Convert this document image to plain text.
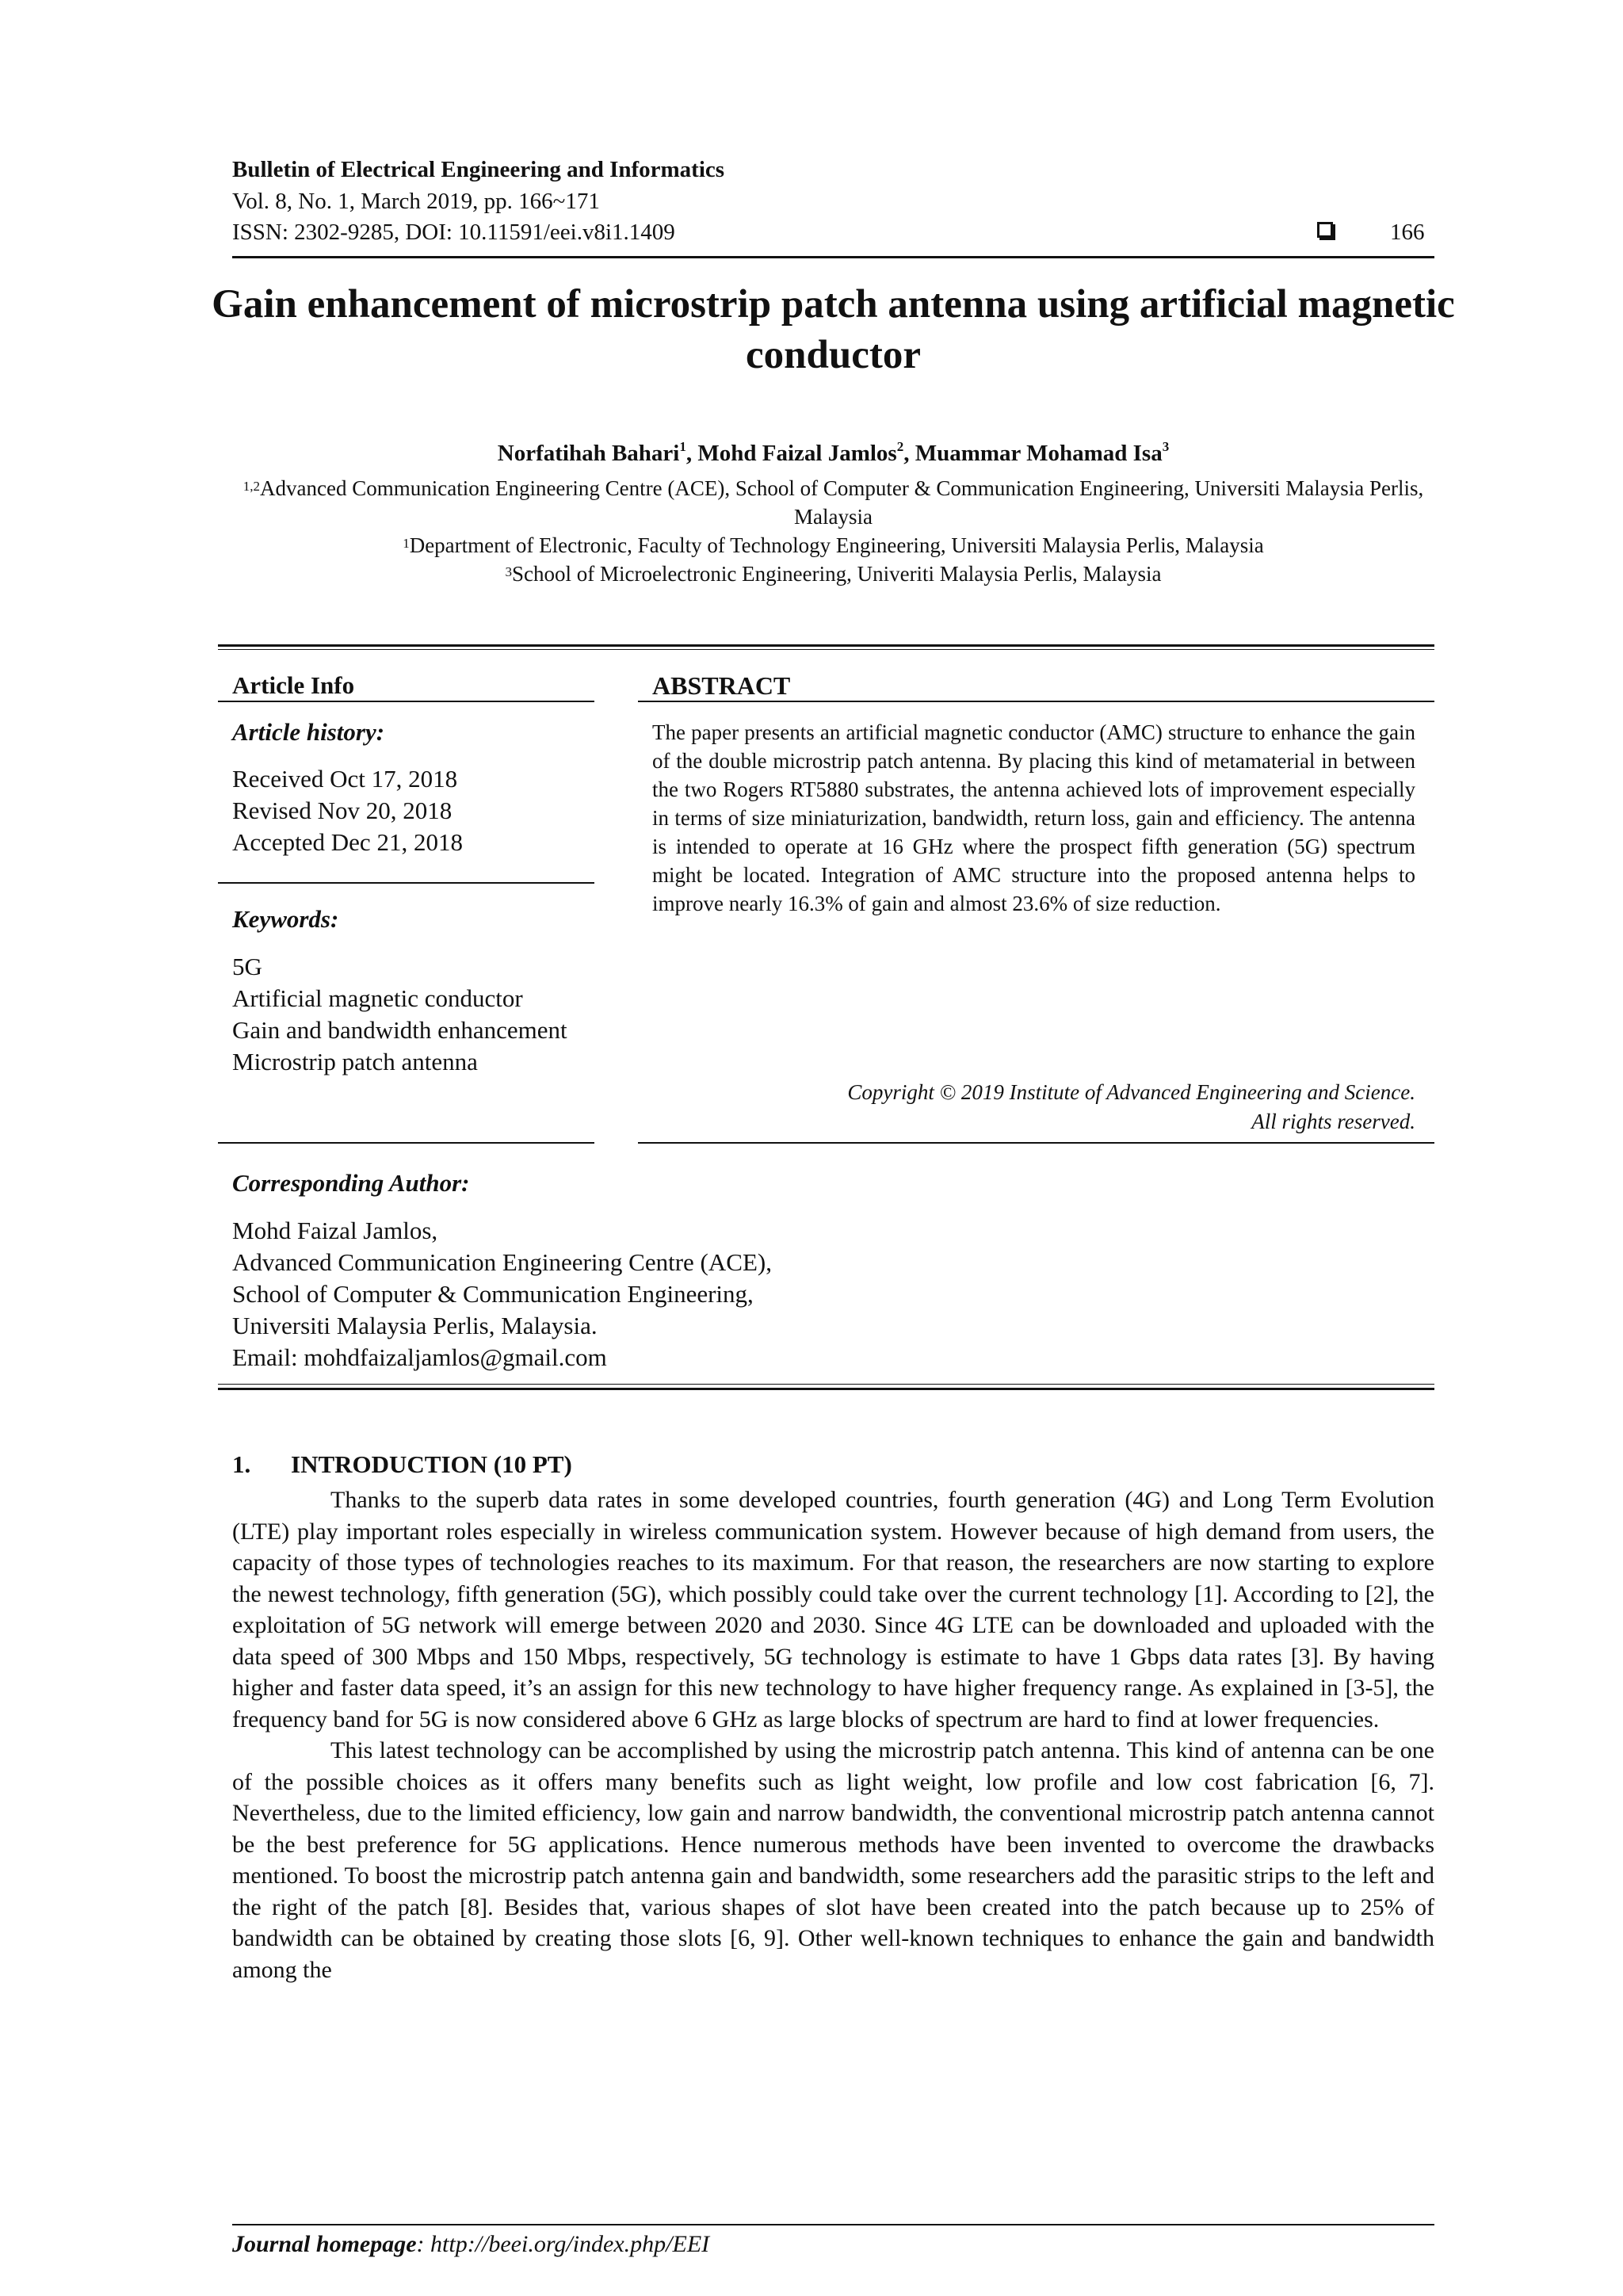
Bulletin of Electrical Engineering and Informatics
Vol. 8, No. 1, March 2019, pp. 166~171
ISSN: 2302-9285, DOI: 10.11591/eei.v8i1.1409	166
Gain enhancement of microstrip patch antenna using artificial magnetic conductor
Norfatihah Bahari$^1$, Mohd Faizal Jamlos$^2$, Muammar Mohamad Isa$^3$
$^{1,2}$Advanced Communication Engineering Centre (ACE), School of Computer & Communication Engineering, Universiti Malaysia Perlis, Malaysia
$^1$Department of Electronic, Faculty of Technology Engineering, Universiti Malaysia Perlis, Malaysia
$^3$School of Microelectronic Engineering, Univeriti Malaysia Perlis, Malaysia
Article Info
Article history:
Received Oct 17, 2018
Revised Nov 20, 2018
Accepted Dec 21, 2018
Keywords:
5G
Artificial magnetic conductor
Gain and bandwidth enhancement
Microstrip patch antenna
ABSTRACT
The paper presents an artificial magnetic conductor (AMC) structure to enhance the gain of the double microstrip patch antenna. By placing this kind of metamaterial in between the two Rogers RT5880 substrates, the antenna achieved lots of improvement especially in terms of size miniaturization, bandwidth, return loss, gain and efficiency. The antenna is intended to operate at 16 GHz where the prospect fifth generation (5G) spectrum might be located. Integration of AMC structure into the proposed antenna helps to improve nearly 16.3% of gain and almost 23.6% of size reduction.
Copyright © 2019 Institute of Advanced Engineering and Science.
All rights reserved.
Corresponding Author:
Mohd Faizal Jamlos,
Advanced Communication Engineering Centre (ACE),
School of Computer & Communication Engineering,
Universiti Malaysia Perlis, Malaysia.
Email: mohdfaizaljamlos@gmail.com
1. INTRODUCTION (10 PT)

Thanks to the superb data rates in some developed countries, fourth generation (4G) and Long Term Evolution (LTE) play important roles especially in wireless communication system. However because of high demand from users, the capacity of those types of technologies reaches to its maximum. For that reason, the researchers are now starting to explore the newest technology, fifth generation (5G), which possibly could take over the current technology [1]. According to [2], the exploitation of 5G network will emerge between 2020 and 2030. Since 4G LTE can be downloaded and uploaded with the data speed of 300 Mbps and 150 Mbps, respectively, 5G technology is estimate to have 1 Gbps data rates [3]. By having higher and faster data speed, it’s an assign for this new technology to have higher frequency range. As explained in [3-5], the frequency band for 5G is now considered above 6 GHz as large blocks of spectrum are hard to find at lower frequencies.

This latest technology can be accomplished by using the microstrip patch antenna. This kind of antenna can be one of the possible choices as it offers many benefits such as light weight, low profile and low cost fabrication [6, 7]. Nevertheless, due to the limited efficiency, low gain and narrow bandwidth, the conventional microstrip patch antenna cannot be the best preference for 5G applications. Hence numerous methods have been invented to overcome the drawbacks mentioned. To boost the microstrip patch antenna gain and bandwidth, some researchers add the parasitic strips to the left and the right of the patch [8]. Besides that, various shapes of slot have been created into the patch because up to 25% of bandwidth can be obtained by creating those slots [6, 9]. Other well-known techniques to enhance the gain and bandwidth among the

Journal homepage: http://beei.org/index.php/EEI
